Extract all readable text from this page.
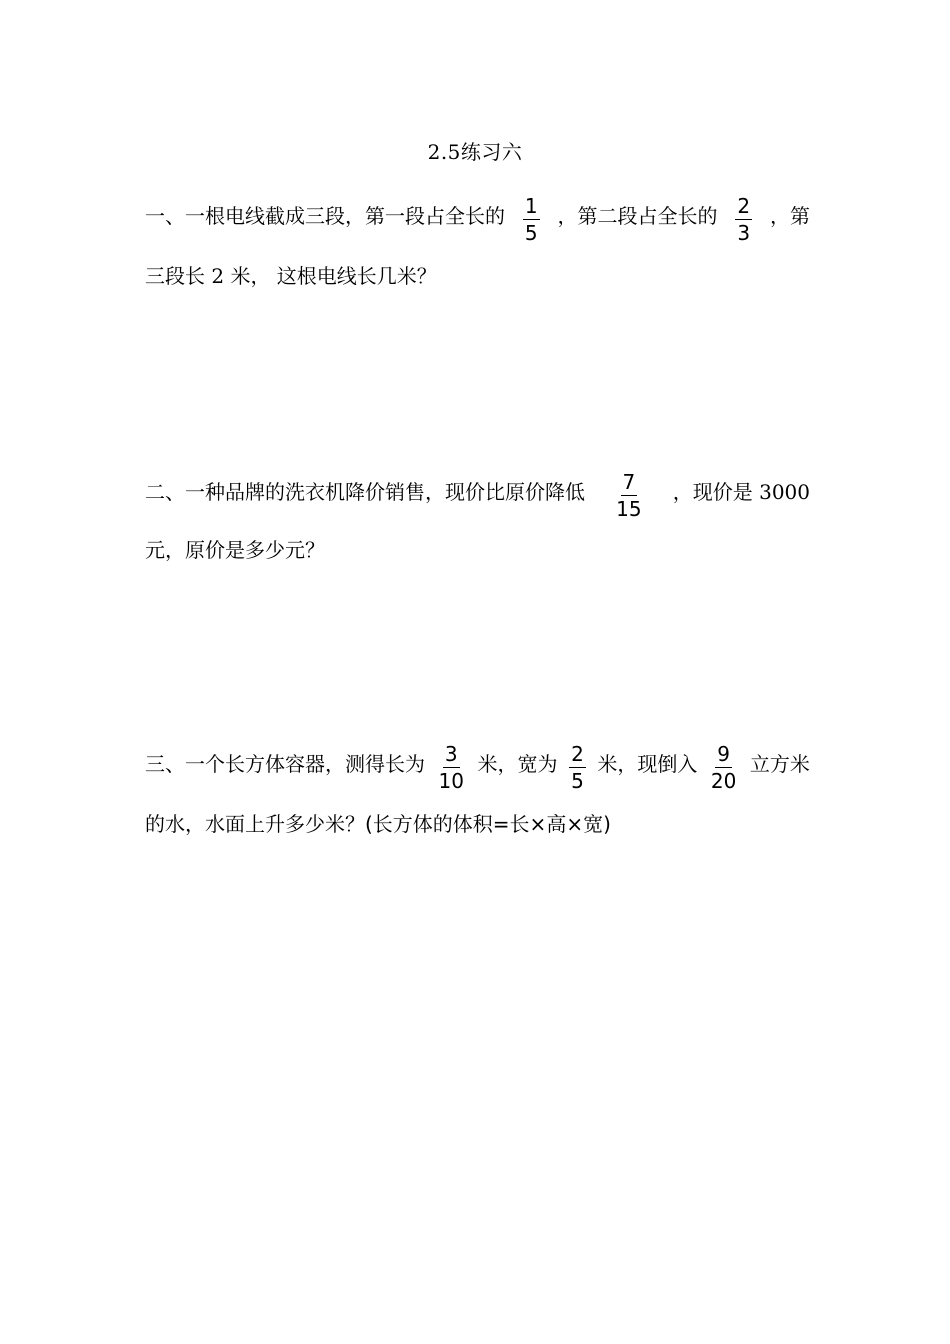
2.5练习六
一、一根电线截成三段，第一段占全长的 $\frac{1}{5}$ ，第二段占全长的 $\frac{2}{3}$ ，第
三段长 2 米， 这根电线长几米？
二、一种品牌的洗衣机降价销售，现价比原价降低 $\frac{7}{15}$ ，现价是 3000
元，原价是多少元？
三、一个长方体容器，测得长为 $\frac{3}{10}$ 米，宽为 $\frac{2}{5}$ 米，现倒入 $\frac{9}{20}$ 立方米
的水，水面上升多少米？(长方体的体积=长×高×宽)
